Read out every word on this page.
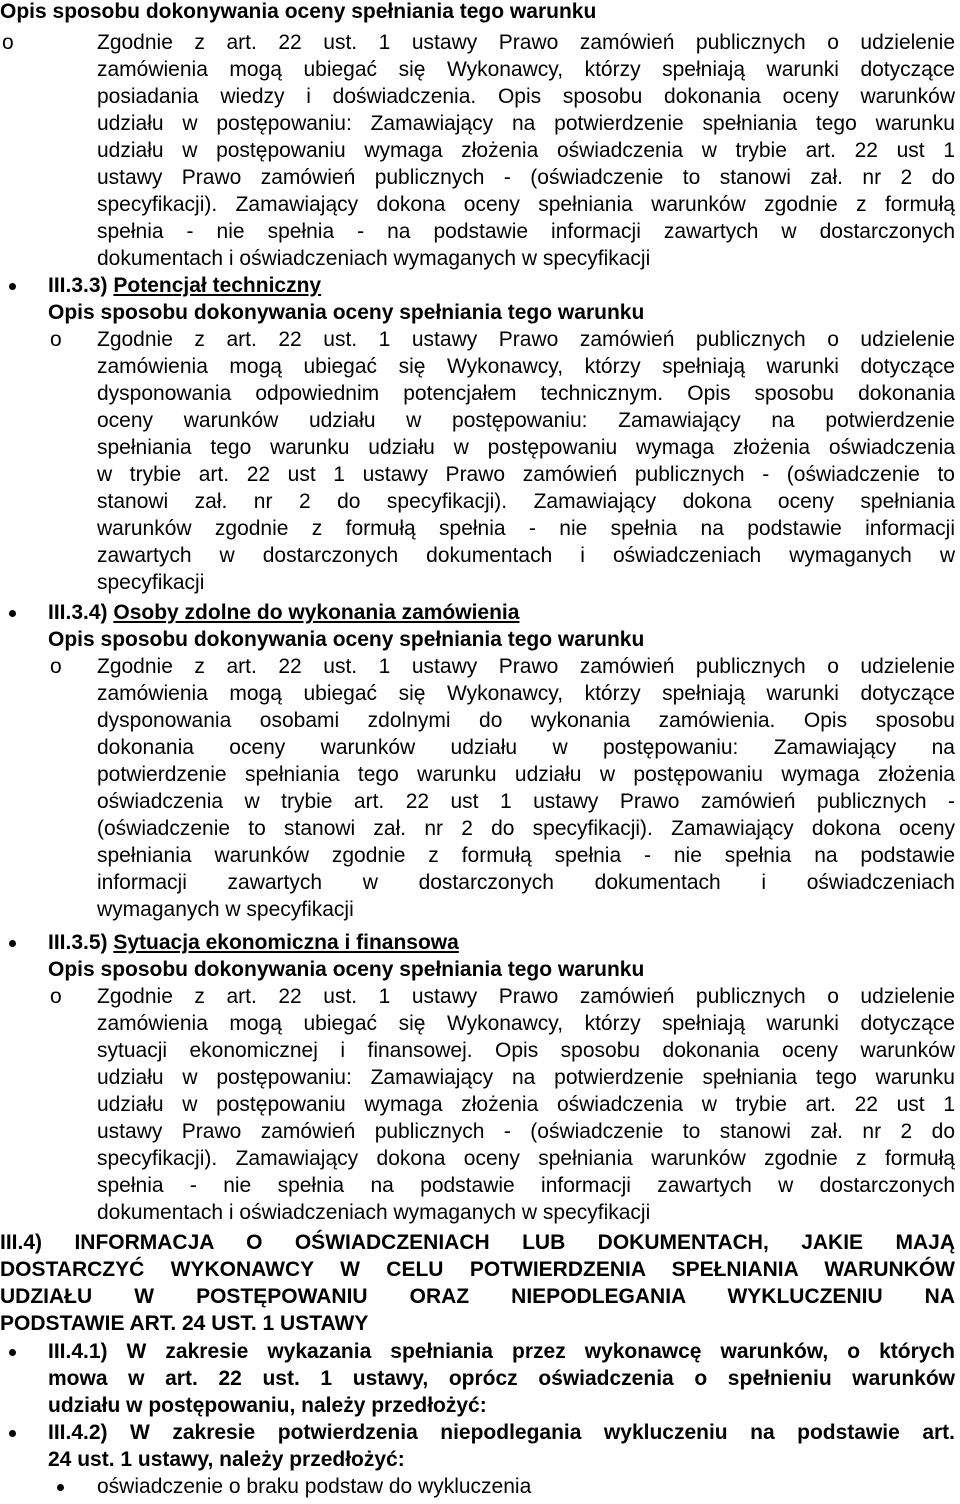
Opis sposobu dokonywania oceny spełniania tego warunku
o	Zgodnie z art. 22 ust. 1 ustawy Prawo zamówień publicznych o udzielenie
zamówienia mogą ubiegać się Wykonawcy, którzy spełniają warunki dotyczące
posiadania wiedzy i doświadczenia. Opis sposobu dokonania oceny warunków
udziału w postępowaniu: Zamawiający na potwierdzenie spełniania tego warunku
udziału w postępowaniu wymaga złożenia oświadczenia w trybie art. 22 ust 1
ustawy Prawo zamówień publicznych - (oświadczenie to stanowi zał. nr 2 do
specyfikacji). Zamawiający dokona oceny spełniania warunków zgodnie z formułą
spełnia - nie spełnia - na podstawie informacji zawartych w dostarczonych
dokumentach i oświadczeniach wymaganych w specyfikacji
III.3.3) Potencjał techniczny
Opis sposobu dokonywania oceny spełniania tego warunku
o Zgodnie z art. 22 ust. 1 ustawy Prawo zamówień publicznych o udzielenie
zamówienia mogą ubiegać się Wykonawcy, którzy spełniają warunki dotyczące
dysponowania odpowiednim potencjałem technicznym. Opis sposobu dokonania
oceny warunków udziału w postępowaniu: Zamawiający na potwierdzenie
spełniania tego warunku udziału w postępowaniu wymaga złożenia oświadczenia
w trybie art. 22 ust 1 ustawy Prawo zamówień publicznych - (oświadczenie to
stanowi zał. nr 2 do specyfikacji). Zamawiający dokona oceny spełniania
warunków zgodnie z formułą spełnia - nie spełnia na podstawie informacji
zawartych w dostarczonych dokumentach i oświadczeniach wymaganych w
specyfikacji
III.3.4) Osoby zdolne do wykonania zamówienia
Opis sposobu dokonywania oceny spełniania tego warunku
o Zgodnie z art. 22 ust. 1 ustawy Prawo zamówień publicznych o udzielenie
zamówienia mogą ubiegać się Wykonawcy, którzy spełniają warunki dotyczące
dysponowania osobami zdolnymi do wykonania zamówienia. Opis sposobu
dokonania oceny warunków udziału w postępowaniu: Zamawiający na
potwierdzenie spełniania tego warunku udziału w postępowaniu wymaga złożenia
oświadczenia w trybie art. 22 ust 1 ustawy Prawo zamówień publicznych -
(oświadczenie to stanowi zał. nr 2 do specyfikacji). Zamawiający dokona oceny
spełniania warunków zgodnie z formułą spełnia - nie spełnia na podstawie
informacji zawartych w dostarczonych dokumentach i oświadczeniach
wymaganych w specyfikacji
III.3.5) Sytuacja ekonomiczna i finansowa
Opis sposobu dokonywania oceny spełniania tego warunku
o Zgodnie z art. 22 ust. 1 ustawy Prawo zamówień publicznych o udzielenie
zamówienia mogą ubiegać się Wykonawcy, którzy spełniają warunki dotyczące
sytuacji ekonomicznej i finansowej. Opis sposobu dokonania oceny warunków
udziału w postępowaniu: Zamawiający na potwierdzenie spełniania tego warunku
udziału w postępowaniu wymaga złożenia oświadczenia w trybie art. 22 ust 1
ustawy Prawo zamówień publicznych - (oświadczenie to stanowi zał. nr 2 do
specyfikacji). Zamawiający dokona oceny spełniania warunków zgodnie z formułą
spełnia - nie spełnia na podstawie informacji zawartych w dostarczonych
dokumentach i oświadczeniach wymaganych w specyfikacji
III.4) INFORMACJA O OŚWIADCZENIACH LUB DOKUMENTACH, JAKIE MAJĄ
DOSTARCZYĆ WYKONAWCY W CELU POTWIERDZENIA SPEŁNIANIA WARUNKÓW
UDZIAŁU W POSTĘPOWANIU ORAZ NIEPODLEGANIA WYKLUCZENIU NA
PODSTAWIE ART. 24 UST. 1 USTAWY
III.4.1) W zakresie wykazania spełniania przez wykonawcę warunków, o których
mowa w art. 22 ust. 1 ustawy, oprócz oświadczenia o spełnieniu warunków
udziału w postępowaniu, należy przedłożyć:
III.4.2) W zakresie potwierdzenia niepodlegania wykluczeniu na podstawie art.
24 ust. 1 ustawy, należy przedłożyć:
oświadczenie o braku podstaw do wykluczenia
